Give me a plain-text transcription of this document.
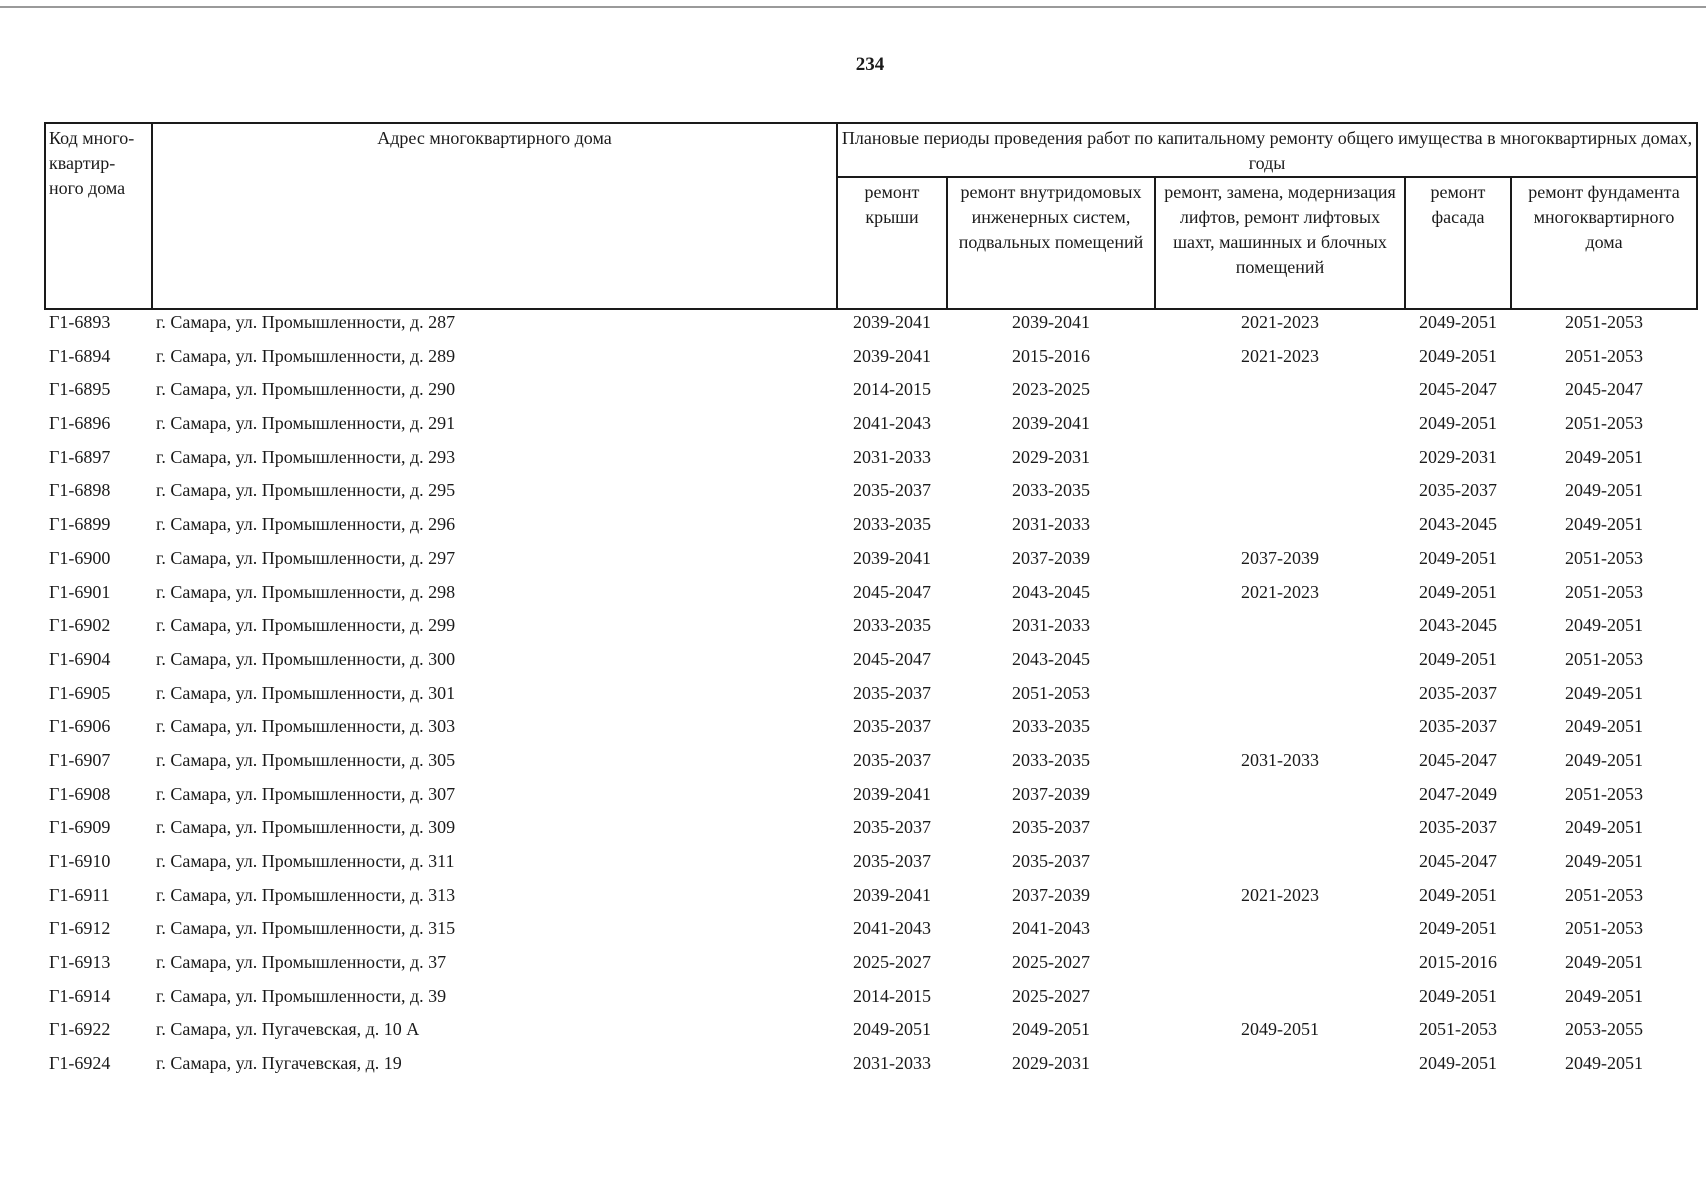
234
Код много-квартир-ного дома	Адрес многоквартирного дома	Плановые периоды проведения работ по капитальному ремонту общего имущества в многоквартирных домах, годы				
		ремонт крыши	ремонт внутридомовых инженерных систем, подвальных помещений	ремонт, замена, модернизация лифтов, ремонт лифтовых шахт, машинных и блочных помещений	ремонт фасада	ремонт фундамента многоквартирного дома
Г1-6893	г. Самара, ул. Промышленности, д. 287	2039-2041	2039-2041	2021-2023	2049-2051	2051-2053
Г1-6894	г. Самара, ул. Промышленности, д. 289	2039-2041	2015-2016	2021-2023	2049-2051	2051-2053
Г1-6895	г. Самара, ул. Промышленности, д. 290	2014-2015	2023-2025		2045-2047	2045-2047
Г1-6896	г. Самара, ул. Промышленности, д. 291	2041-2043	2039-2041		2049-2051	2051-2053
Г1-6897	г. Самара, ул. Промышленности, д. 293	2031-2033	2029-2031		2029-2031	2049-2051
Г1-6898	г. Самара, ул. Промышленности, д. 295	2035-2037	2033-2035		2035-2037	2049-2051
Г1-6899	г. Самара, ул. Промышленности, д. 296	2033-2035	2031-2033		2043-2045	2049-2051
Г1-6900	г. Самара, ул. Промышленности, д. 297	2039-2041	2037-2039	2037-2039	2049-2051	2051-2053
Г1-6901	г. Самара, ул. Промышленности, д. 298	2045-2047	2043-2045	2021-2023	2049-2051	2051-2053
Г1-6902	г. Самара, ул. Промышленности, д. 299	2033-2035	2031-2033		2043-2045	2049-2051
Г1-6904	г. Самара, ул. Промышленности, д. 300	2045-2047	2043-2045		2049-2051	2051-2053
Г1-6905	г. Самара, ул. Промышленности, д. 301	2035-2037	2051-2053		2035-2037	2049-2051
Г1-6906	г. Самара, ул. Промышленности, д. 303	2035-2037	2033-2035		2035-2037	2049-2051
Г1-6907	г. Самара, ул. Промышленности, д. 305	2035-2037	2033-2035	2031-2033	2045-2047	2049-2051
Г1-6908	г. Самара, ул. Промышленности, д. 307	2039-2041	2037-2039		2047-2049	2051-2053
Г1-6909	г. Самара, ул. Промышленности, д. 309	2035-2037	2035-2037		2035-2037	2049-2051
Г1-6910	г. Самара, ул. Промышленности, д. 311	2035-2037	2035-2037		2045-2047	2049-2051
Г1-6911	г. Самара, ул. Промышленности, д. 313	2039-2041	2037-2039	2021-2023	2049-2051	2051-2053
Г1-6912	г. Самара, ул. Промышленности, д. 315	2041-2043	2041-2043		2049-2051	2051-2053
Г1-6913	г. Самара, ул. Промышленности, д. 37	2025-2027	2025-2027		2015-2016	2049-2051
Г1-6914	г. Самара, ул. Промышленности, д. 39	2014-2015	2025-2027		2049-2051	2049-2051
Г1-6922	г. Самара, ул. Пугачевская, д. 10 А	2049-2051	2049-2051	2049-2051	2051-2053	2053-2055
Г1-6924	г. Самара, ул. Пугачевская, д. 19	2031-2033	2029-2031		2049-2051	2049-2051
